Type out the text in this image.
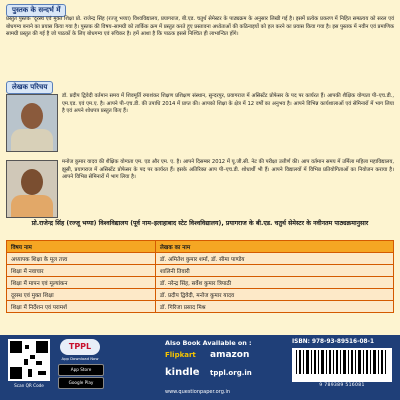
पुस्तक के सन्दर्भ में
प्रस्तुत पुस्तक 'दूरस्थ एवं मुक्त शिक्षा प्रो. राजेन्द्र सिंह (रज्जू भय्या) विश्वविद्यालय, प्रयागराज, बी.एड. चतुर्थ सेमेस्टर के पाठ्यक्रम के अनुसार लिखी गई है। इसमें प्रत्येक प्रकरण में निहित सम्प्रत्यय को सरल एवं बोधगम्य बनाने का प्रयास किया गया है। पुस्तक की विषय–सामग्री को तार्किक क्रम में प्रस्तुत करते हुए प्रस्तावना अध्येताओं की कठिनाइयों को हल करने का प्रयास किया गया है। इस पुस्तक में नवीन एवं प्रमाणिक सामग्री प्रस्तुत की गई है जो पाठकों के लिए बोधगम्य एवं रुचिकर है। हमें आशा है कि पाठक इससे निश्चित ही लाभान्वित होंगे।
लेखक परिचय
डॉ. प्रदीप द्विवेदी वर्तमान समय में शिवमूर्ति रमाशंकर शिक्षण प्रशिक्षण संस्थान, सुन्दरपुर, प्रयागराज में असिस्टेंट प्रोफेसर के पद पर कार्यरत हैं। आपकी शैक्षिक योग्यता पी–एच.डी., एम.एड. एवं एम.ए. है। आपने पी–एच.डी. की उपाधि 2014 में प्राप्त की। आपको शिक्षा के क्षेत्र में 12 वर्षों का अनुभव है। आपने विभिन्न कार्यशालाओं एवं सेमिनारों में भाग लिया है एवं अपने शोधपत्र प्रस्तुत किए हैं।
मनोज कुमार यादव की शैक्षिक योग्यता एम. एड और एम. ए. है। आपने दिसम्बर 2012 में यू.जी.सी. नेट की परीक्षा उत्तीर्ण की। आप वर्तमान समय में उर्मिला महिला महाविद्यालय, झूसी, प्रयागराज में असिस्टेंट प्रोफेसर के पद पर कार्यरत हैं। इसके अतिरिक्त आप पी–एच.डी. शोधार्थी भी हैं। आपने विद्यालयों में विभिन्न प्रतियोगिताओं का नियोजन कराया है। आपने विभिन्न सेमिनारों में भाग लिया है।
प्रो.राजेन्द्र सिंह (रज्जू भय्या) विश्वविद्यालय (पूर्व नाम–इलाहाबाद स्टेट विश्वविद्यालय), प्रयागराज के बी.एड. चतुर्थ सेमेस्टर के नवीनतम पाठ्यक्रमानुसार
विषय नाम	लेखक का नाम
अध्यापक शिक्षा के मूल तत्त्व	डॉ. अमितेश कुमार शर्मा, डॉ. सीमा पाण्डेय
शिक्षा में नवाचार	शालिनी तिवारी
शिक्षा में मापन एवं मूल्यांकन	डॉ. नरेन्द्र सिंह, सर्वेश कुमार त्रिपाठी
दूरस्थ एवं मुक्त शिक्षा	डॉ. प्रदीप द्विवेदी, मनोज कुमार यादव
शिक्षा में निर्देशन एवं परामर्श	डॉ. गिरिजा प्रसाद मिश्र
Scan QR Code
TPPL
App Download Now
App Store
Google Play
Also Book Available on :
Flipkart amazon
kindle tppl.org.in
www.questionpaper.org.in
ISBN: 978-93-89516-08-1
9 789389 516081
